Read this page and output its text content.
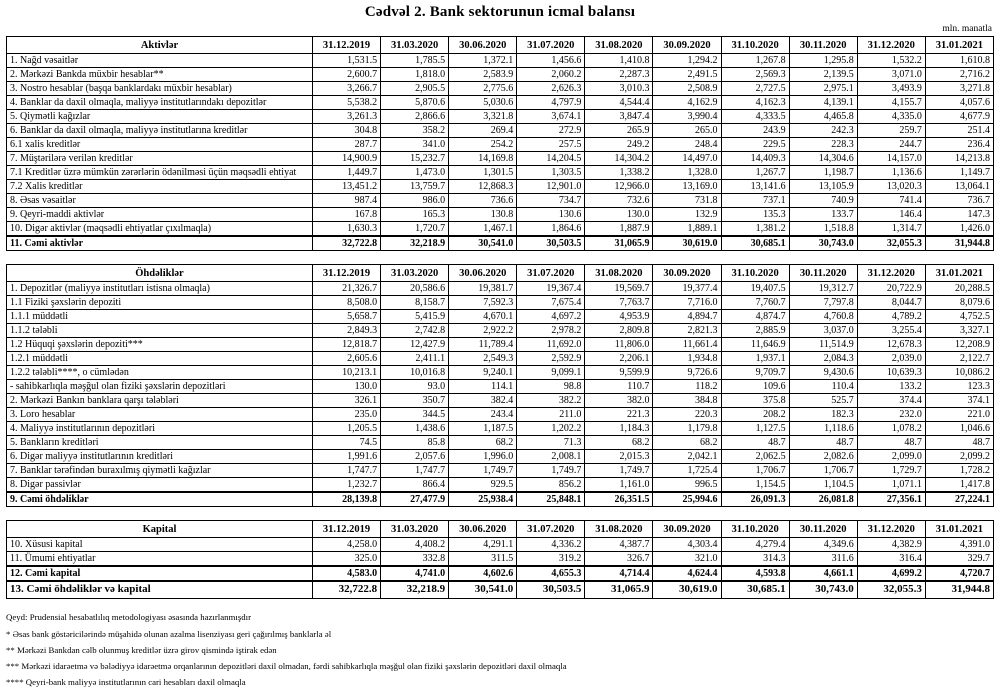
Cədvəl 2. Bank sektorunun icmal balansı
mln. manatla
Aktivlər	31.12.2019	31.03.2020	30.06.2020	31.07.2020	31.08.2020	30.09.2020	31.10.2020	30.11.2020	31.12.2020	31.01.2021
1. Nağd vəsaitlər	1,531.5	1,785.5	1,372.1	1,456.6	1,410.8	1,294.2	1,267.8	1,295.8	1,532.2	1,610.8
2. Mərkəzi Bankda müxbir hesablar**	2,600.7	1,818.0	2,583.9	2,060.2	2,287.3	2,491.5	2,569.3	2,139.5	3,071.0	2,716.2
3. Nostro hesablar (başqa banklardakı müxbir hesablar)	3,266.7	2,905.5	2,775.6	2,626.3	3,010.3	2,508.9	2,727.5	2,975.1	3,493.9	3,271.8
4. Banklar da daxil olmaqla, maliyyə institutlarındakı depozitlər	5,538.2	5,870.6	5,030.6	4,797.9	4,544.4	4,162.9	4,162.3	4,139.1	4,155.7	4,057.6
5. Qiymətli kağızlar	3,261.3	2,866.6	3,321.8	3,674.1	3,847.4	3,990.4	4,333.5	4,465.8	4,335.0	4,677.9
6. Banklar da daxil olmaqla, maliyyə institutlarına kreditlər	304.8	358.2	269.4	272.9	265.9	265.0	243.9	242.3	259.7	251.4
6.1 xalis kreditlər	287.7	341.0	254.2	257.5	249.2	248.4	229.5	228.3	244.7	236.4
7. Müştərilərə verilən kreditlər	14,900.9	15,232.7	14,169.8	14,204.5	14,304.2	14,497.0	14,409.3	14,304.6	14,157.0	14,213.8
7.1 Kreditlər üzrə mümkün zərərlərin ödənilməsi üçün məqsədli ehtiyat	1,449.7	1,473.0	1,301.5	1,303.5	1,338.2	1,328.0	1,267.7	1,198.7	1,136.6	1,149.7
7.2 Xalis kreditlər	13,451.2	13,759.7	12,868.3	12,901.0	12,966.0	13,169.0	13,141.6	13,105.9	13,020.3	13,064.1
8. Əsas vəsaitlər	987.4	986.0	736.6	734.7	732.6	731.8	737.1	740.9	741.4	736.7
9. Qeyri-maddi aktivlər	167.8	165.3	130.8	130.6	130.0	132.9	135.3	133.7	146.4	147.3
10. Digər aktivlər (məqsədli ehtiyatlar çıxılmaqla)	1,630.3	1,720.7	1,467.1	1,864.6	1,887.9	1,889.1	1,381.2	1,518.8	1,314.7	1,426.0
11. Cəmi aktivlər	32,722.8	32,218.9	30,541.0	30,503.5	31,065.9	30,619.0	30,685.1	30,743.0	32,055.3	31,944.8
Öhdəliklər	31.12.2019	31.03.2020	30.06.2020	31.07.2020	31.08.2020	30.09.2020	31.10.2020	30.11.2020	31.12.2020	31.01.2021
1. Depozitlər (maliyyə institutları istisna olmaqla)	21,326.7	20,586.6	19,381.7	19,367.4	19,569.7	19,377.4	19,407.5	19,312.7	20,722.9	20,288.5
1.1 Fiziki şəxslərin depoziti	8,508.0	8,158.7	7,592.3	7,675.4	7,763.7	7,716.0	7,760.7	7,797.8	8,044.7	8,079.6
1.1.1 müddətli	5,658.7	5,415.9	4,670.1	4,697.2	4,953.9	4,894.7	4,874.7	4,760.8	4,789.2	4,752.5
1.1.2 tələbli	2,849.3	2,742.8	2,922.2	2,978.2	2,809.8	2,821.3	2,885.9	3,037.0	3,255.4	3,327.1
1.2 Hüquqi şəxslərin depoziti***	12,818.7	12,427.9	11,789.4	11,692.0	11,806.0	11,661.4	11,646.9	11,514.9	12,678.3	12,208.9
1.2.1 müddətli	2,605.6	2,411.1	2,549.3	2,592.9	2,206.1	1,934.8	1,937.1	2,084.3	2,039.0	2,122.7
1.2.2 tələbli****, o cümlədən	10,213.1	10,016.8	9,240.1	9,099.1	9,599.9	9,726.6	9,709.7	9,430.6	10,639.3	10,086.2
- sahibkarlıqla məşğul olan fiziki şəxslərin depozitləri	130.0	93.0	114.1	98.8	110.7	118.2	109.6	110.4	133.2	123.3
2. Mərkəzi Bankın banklara qarşı tələbləri	326.1	350.7	382.4	382.2	382.0	384.8	375.8	525.7	374.4	374.1
3. Loro hesablar	235.0	344.5	243.4	211.0	221.3	220.3	208.2	182.3	232.0	221.0
4. Maliyyə institutlarının depozitləri	1,205.5	1,438.6	1,187.5	1,202.2	1,184.3	1,179.8	1,127.5	1,118.6	1,078.2	1,046.6
5. Bankların kreditləri	74.5	85.8	68.2	71.3	68.2	68.2	48.7	48.7	48.7	48.7
6. Digər maliyyə institutlarının kreditləri	1,991.6	2,057.6	1,996.0	2,008.1	2,015.3	2,042.1	2,062.5	2,082.6	2,099.0	2,099.2
7. Banklar tərəfindən buraxılmış qiymətli kağızlar	1,747.7	1,747.7	1,749.7	1,749.7	1,749.7	1,725.4	1,706.7	1,706.7	1,729.7	1,728.2
8. Digər passivlər	1,232.7	866.4	929.5	856.2	1,161.0	996.5	1,154.5	1,104.5	1,071.1	1,417.8
9. Cəmi öhdəliklər	28,139.8	27,477.9	25,938.4	25,848.1	26,351.5	25,994.6	26,091.3	26,081.8	27,356.1	27,224.1
Kapital	31.12.2019	31.03.2020	30.06.2020	31.07.2020	31.08.2020	30.09.2020	31.10.2020	30.11.2020	31.12.2020	31.01.2021
10. Xüsusi kapital	4,258.0	4,408.2	4,291.1	4,336.2	4,387.7	4,303.4	4,279.4	4,349.6	4,382.9	4,391.0
11. Ümumi ehtiyatlar	325.0	332.8	311.5	319.2	326.7	321.0	314.3	311.6	316.4	329.7
12. Cəmi kapital	4,583.0	4,741.0	4,602.6	4,655.3	4,714.4	4,624.4	4,593.8	4,661.1	4,699.2	4,720.7
13. Cəmi öhdəliklər və kapital	32,722.8	32,218.9	30,541.0	30,503.5	31,065.9	30,619.0	30,685.1	30,743.0	32,055.3	31,944.8
Qeyd: Prudensial hesabatlılıq metodologiyası əsasında hazırlanmışdır
* Əsas bank göstəricilərində müşahidə olunan azalma lisenziyası geri çağırılmış banklarla əl
** Mərkəzi Bankdan cəlb olunmuş kreditlər üzrə girov qismində iştirak edən
*** Mərkəzi idarəetmə və bələdiyyə idarəetmə orqanlarının depozitləri daxil olmadan, fərdi sahibkarlıqla məşğul olan fiziki şəxslərin depozitləri daxil olmaqla
**** Qeyri-bank maliyyə institutlarının cari hesabları daxil olmaqla
